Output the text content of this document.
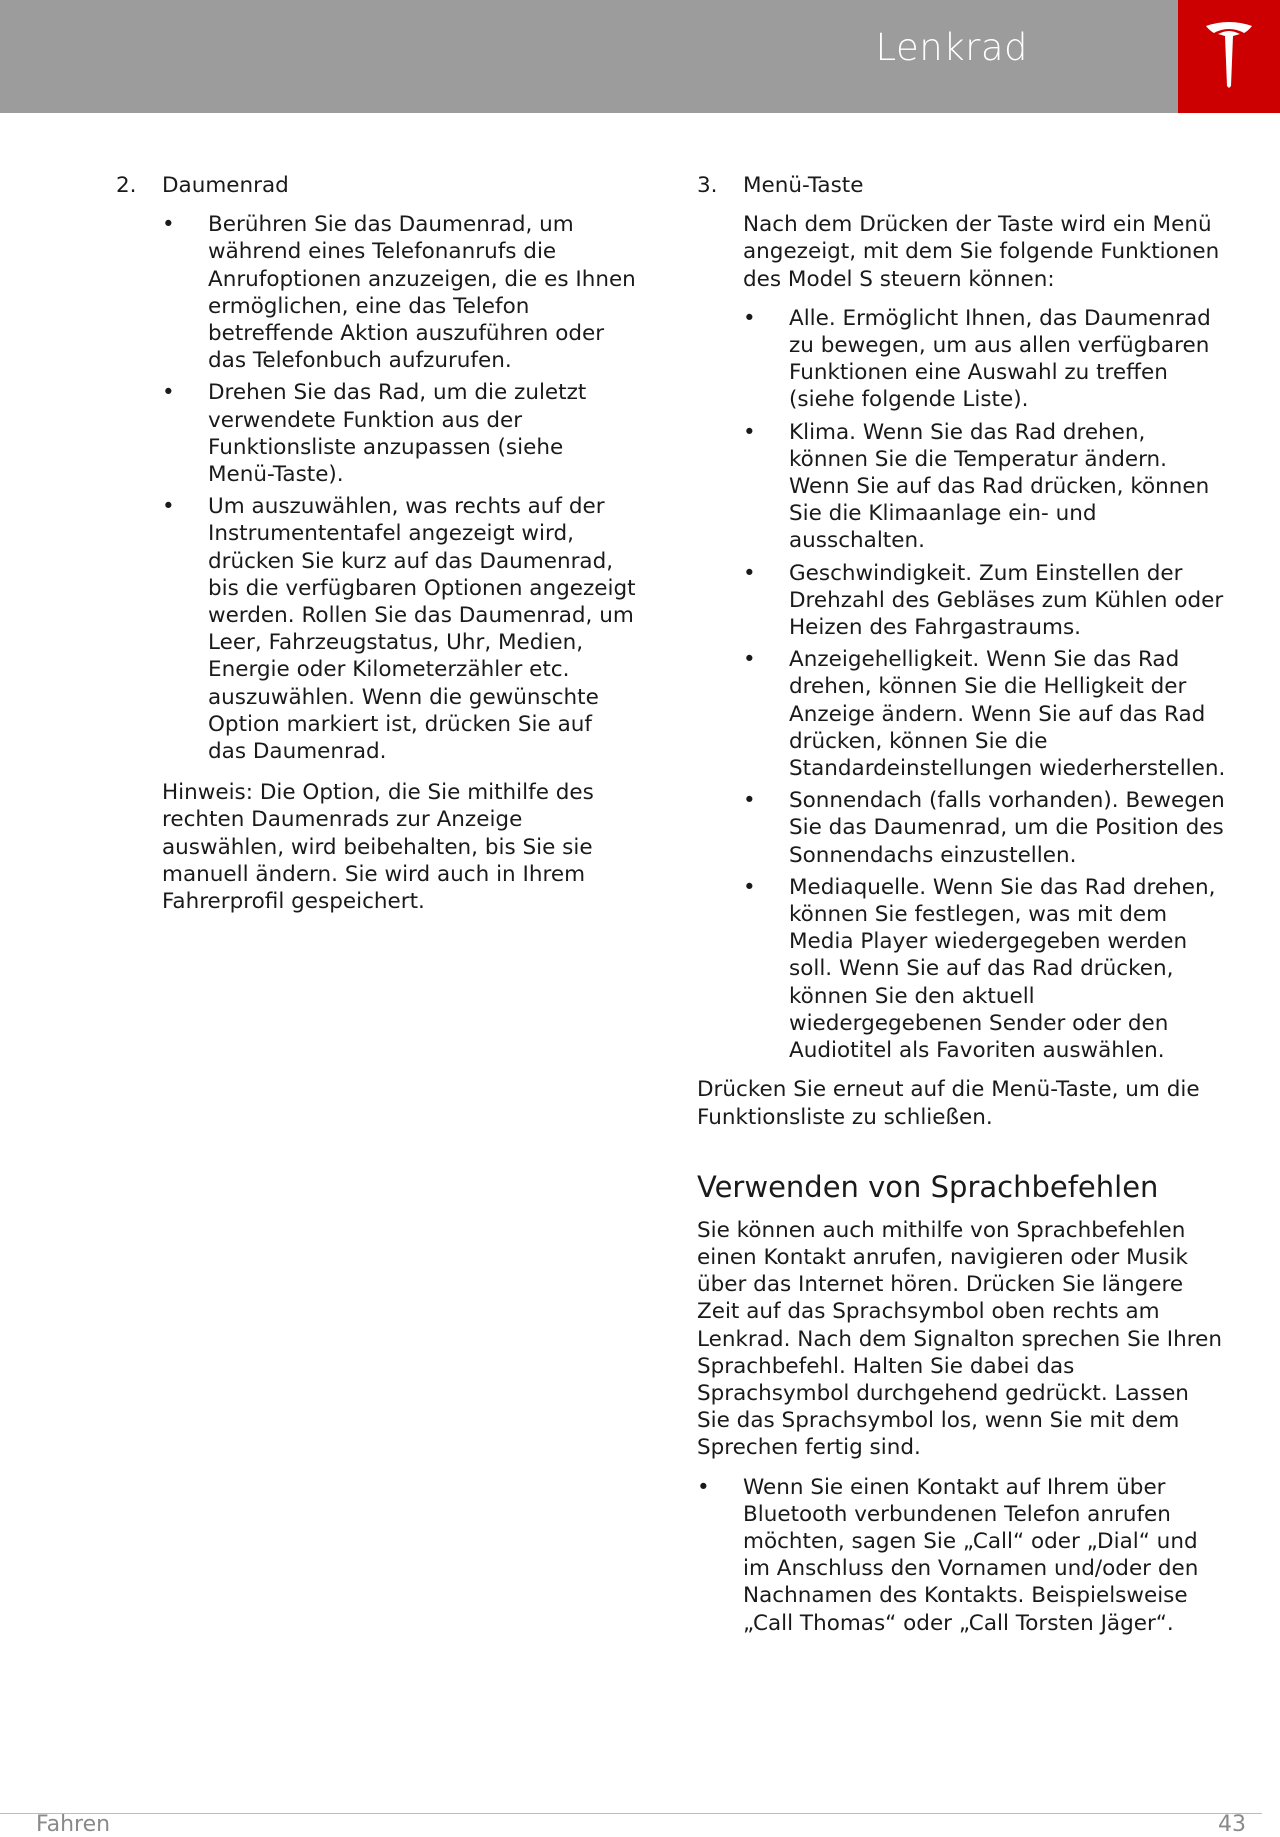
Lenkrad
2. Daumenrad
• Berühren Sie das Daumenrad, um während eines Telefonanrufs die Anrufoptionen anzuzeigen, die es Ihnen ermöglichen, eine das Telefon betreffende Aktion auszuführen oder das Telefonbuch aufzurufen.
• Drehen Sie das Rad, um die zuletzt verwendete Funktion aus der Funktionsliste anzupassen (siehe Menü-Taste).
• Um auszuwählen, was rechts auf der Instrumententafel angezeigt wird, drücken Sie kurz auf das Daumenrad, bis die verfügbaren Optionen angezeigt werden. Rollen Sie das Daumenrad, um Leer, Fahrzeugstatus, Uhr, Medien, Energie oder Kilometerzähler etc. auszuwählen. Wenn die gewünschte Option markiert ist, drücken Sie auf das Daumenrad.

Hinweis: Die Option, die Sie mithilfe des rechten Daumenrads zur Anzeige auswählen, wird beibehalten, bis Sie sie manuell ändern. Sie wird auch in Ihrem Fahrerprofil gespeichert.

3. Menü-Taste

Nach dem Drücken der Taste wird ein Menü angezeigt, mit dem Sie folgende Funktionen des Model S steuern können:

• Alle. Ermöglicht Ihnen, das Daumenrad zu bewegen, um aus allen verfügbaren Funktionen eine Auswahl zu treffen (siehe folgende Liste).
• Klima. Wenn Sie das Rad drehen, können Sie die Temperatur ändern. Wenn Sie auf das Rad drücken, können Sie die Klimaanlage ein- und ausschalten.
• Geschwindigkeit. Zum Einstellen der Drehzahl des Gebläses zum Kühlen oder Heizen des Fahrgastraums.
• Anzeigehelligkeit. Wenn Sie das Rad drehen, können Sie die Helligkeit der Anzeige ändern. Wenn Sie auf das Rad drücken, können Sie die Standardeinstellungen wiederherstellen.
• Sonnendach (falls vorhanden). Bewegen Sie das Daumenrad, um die Position des Sonnendachs einzustellen.
• Mediaquelle. Wenn Sie das Rad drehen, können Sie festlegen, was mit dem Media Player wiedergegeben werden soll. Wenn Sie auf das Rad drücken, können Sie den aktuell wiedergegebenen Sender oder den Audiotitel als Favoriten auswählen.

Drücken Sie erneut auf die Menü-Taste, um die Funktionsliste zu schließen.

Verwenden von Sprachbefehlen

Sie können auch mithilfe von Sprachbefehlen einen Kontakt anrufen, navigieren oder Musik über das Internet hören. Drücken Sie längere Zeit auf das Sprachsymbol oben rechts am Lenkrad. Nach dem Signalton sprechen Sie Ihren Sprachbefehl. Halten Sie dabei das Sprachsymbol durchgehend gedrückt. Lassen Sie das Sprachsymbol los, wenn Sie mit dem Sprechen fertig sind.

• Wenn Sie einen Kontakt auf Ihrem über Bluetooth verbundenen Telefon anrufen möchten, sagen Sie „Call“ oder „Dial“ und im Anschluss den Vornamen und/oder den Nachnamen des Kontakts. Beispielsweise „Call Thomas“ oder „Call Torsten Jäger“.
Fahren	43
